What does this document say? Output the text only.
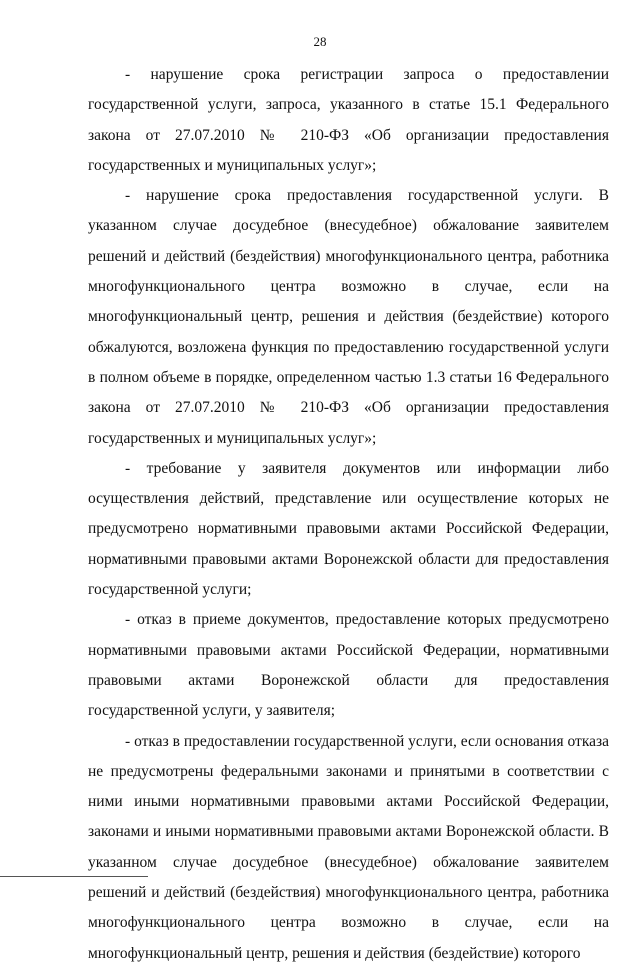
28

- нарушение срока регистрации запроса о предоставлении государственной услуги, запроса, указанного в статье 15.1 Федерального закона от 27.07.2010 № 210-ФЗ «Об организации предоставления государственных и муниципальных услуг»;

- нарушение срока предоставления государственной услуги. В указанном случае досудебное (внесудебное) обжалование заявителем решений и действий (бездействия) многофункционального центра, работника многофункционального центра возможно в случае, если на многофункциональный центр, решения и действия (бездействие) которого обжалуются, возложена функция по предоставлению государственной услуги в полном объеме в порядке, определенном частью 1.3 статьи 16 Федерального закона от 27.07.2010 № 210-ФЗ «Об организации предоставления государственных и муниципальных услуг»;

- требование у заявителя документов или информации либо осуществления действий, представление или осуществление которых не предусмотрено нормативными правовыми актами Российской Федерации, нормативными правовыми актами Воронежской области для предоставления государственной услуги;

- отказ в приеме документов, предоставление которых предусмотрено нормативными правовыми актами Российской Федерации, нормативными правовыми актами Воронежской области для предоставления государственной услуги, у заявителя;

- отказ в предоставлении государственной услуги, если основания отказа не предусмотрены федеральными законами и принятыми в соответствии с ними иными нормативными правовыми актами Российской Федерации, законами и иными нормативными правовыми актами Воронежской области. В указанном случае досудебное (внесудебное) обжалование заявителем решений и действий (бездействия) многофункционального центра, работника многофункционального центра возможно в случае, если на многофункциональный центр, решения и действия (бездействие) которого
